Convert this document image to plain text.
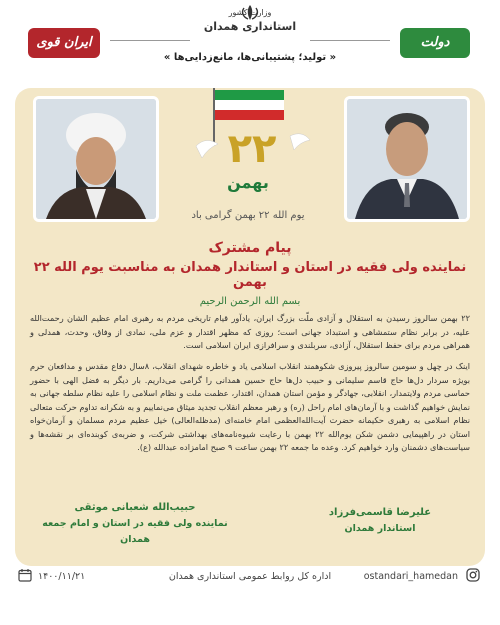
وزارت کشور
استانداری همدان
« تولید؛ پشتیبانی‌ها، مانع‌زدایی‌ها »
ایران قوی	دولت مردمی
۲۲
بهمن
یوم الله ۲۲ بهمن گرامی باد
پیام مشترک
نماینده ولی فقیه در استان و استاندار همدان به مناسبت یوم الله ۲۲ بهمن
بسم الله الرحمن الرحیم
۲۲ بهمن سالروز رسیدن به استقلال و آزادی ملّت بزرگ ایران، یادآور قیام تاریخی مردم به رهبری امام عظیم الشان رحمت‌الله علیه، در برابر نظام ستمشاهی و استبداد جهانی است؛ روزی که مظهر اقتدار و عزم ملی، نمادی از وفاق، وحدت، همدلی و همراهی مردم برای حفظ استقلال، آزادی، سربلندی و سرافرازی ایران اسلامی است.
اینک در چهل و سومین سالروز پیروزی شکوهمند انقلاب اسلامی یاد و خاطره شهدای انقلاب، ۸سال دفاع مقدس و مدافعان حرم بویژه سردار دل‌ها حاج قاسم سلیمانی و حبیب دل‌ها حاج حسین همدانی را گرامی می‌داریم. بار دیگر به فضل الهی با حضور حماسی مردم ولایتمدار، انقلابی، جهادگر و مؤمن استان همدان، اقتدار، عظمت ملت و نظام اسلامی را علیه نظام سلطه جهانی به نمایش خواهیم گذاشت و با آرمان‌های امام راحل (ره) و رهبر معظم انقلاب تجدید میثاق می‌نماییم و به شکرانه تداوم حرکت متعالی نظام اسلامی به رهبری حکیمانه حضرت آیت‌الله‌العظمی امام خامنه‌ای (مدظله‌العالی) خیل عظیم مردم مسلمان و آرمان‌خواه استان در راهپیمایی دشمن شکن یوم‌الله ۲۲ بهمن با رعایت شیوه‌نامه‌های بهداشتی شرکت، و ضربه‌ی کوبنده‌ای بر نقشه‌ها و سیاست‌های دشمنان وارد خواهیم کرد. وعده ما جمعه ۲۲ بهمن ساعت ۹ صبح امامزاده عبدالله (ع).
علیرضا قاسمی‌فرزاد
استاندار همدان
حبیب‌الله شعبانی موثقی
نماینده ولی فقیه در استان و امام جمعه همدان
ostandari_hamedan
اداره کل روابط عمومی استانداری همدان
۱۴۰۰/۱۱/۲۱
